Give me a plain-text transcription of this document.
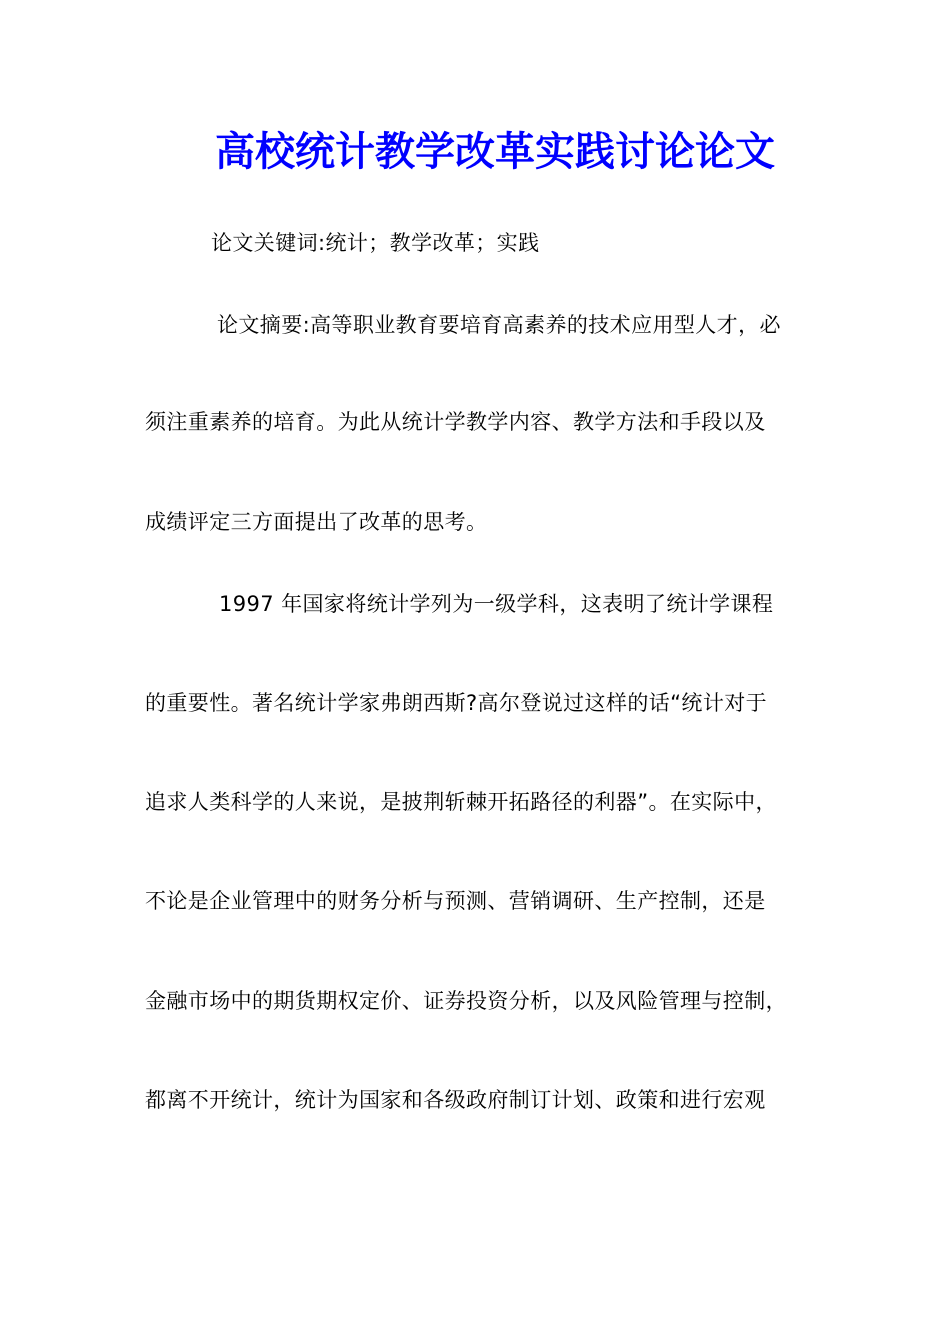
高校统计教学改革实践讨论论文
论文关键词:统计；教学改革；实践
论文摘要:高等职业教育要培育高素养的技术应用型人才，必
须注重素养的培育。为此从统计学教学内容、教学方法和手段以及
成绩评定三方面提出了改革的思考。
1997 年国家将统计学列为一级学科，这表明了统计学课程
的重要性。著名统计学家弗朗西斯?高尔登说过这样的话“统计对于
追求人类科学的人来说，是披荆斩棘开拓路径的利器”。在实际中，
不论是企业管理中的财务分析与预测、营销调研、生产控制，还是
金融市场中的期货期权定价、证券投资分析，以及风险管理与控制，
都离不开统计，统计为国家和各级政府制订计划、政策和进行宏观
